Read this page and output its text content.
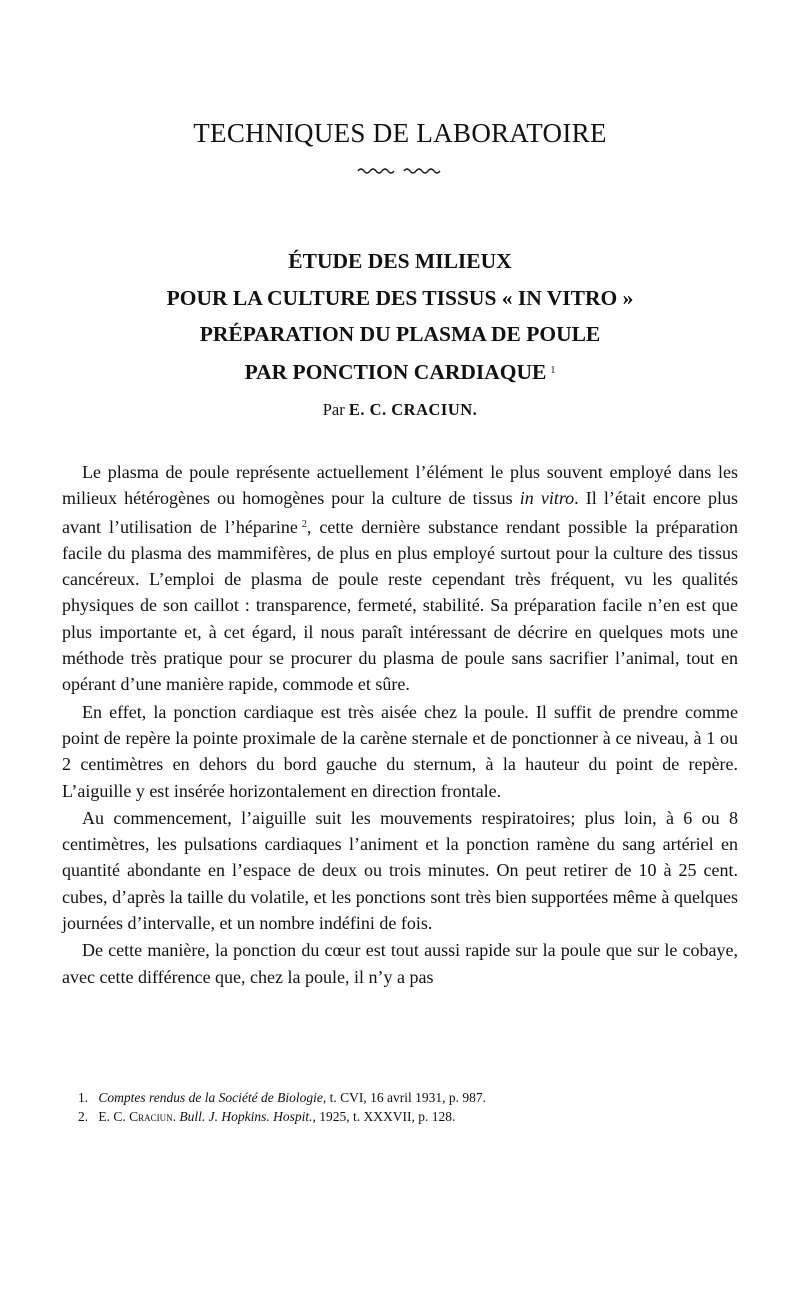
TECHNIQUES DE LABORATOIRE
ÉTUDE DES MILIEUX
POUR LA CULTURE DES TISSUS « IN VITRO »
PRÉPARATION DU PLASMA DE POULE
PAR PONCTION CARDIAQUE $^1$
Par E. C. CRACIUN.

Le plasma de poule représente actuellement l’élément le plus souvent employé dans les milieux hétérogènes ou homogènes pour la culture de tissus in vitro. Il l’était encore plus avant l’utilisation de l’héparine $^2$, cette dernière substance rendant possible la préparation facile du plasma des mammifères, de plus en plus employé surtout pour la culture des tissus cancéreux. L’emploi de plasma de poule reste cependant très fréquent, vu les qualités physiques de son caillot : transparence, fermeté, stabilité. Sa préparation facile n’en est que plus importante et, à cet égard, il nous paraît intéressant de décrire en quelques mots une méthode très pratique pour se procurer du plasma de poule sans sacrifier l’animal, tout en opérant d’une manière rapide, commode et sûre.

En effet, la ponction cardiaque est très aisée chez la poule. Il suffit de prendre comme point de repère la pointe proximale de la carène sternale et de ponctionner à ce niveau, à 1 ou 2 centimètres en dehors du bord gauche du sternum, à la hauteur du point de repère. L’aiguille y est insérée horizontalement en direction frontale.

Au commencement, l’aiguille suit les mouvements respiratoires; plus loin, à 6 ou 8 centimètres, les pulsations cardiaques l’animent et la ponction ramène du sang artériel en quantité abondante en l’espace de deux ou trois minutes. On peut retirer de 10 à 25 cent. cubes, d’après la taille du volatile, et les ponctions sont très bien supportées même à quelques journées d’intervalle, et un nombre indéfini de fois.

De cette manière, la ponction du cœur est tout aussi rapide sur la poule que sur le cobaye, avec cette différence que, chez la poule, il n’y a pas

1. Comptes rendus de la Société de Biologie, t. CVI, 16 avril 1931, p. 987.
2. E. C. Craciun. Bull. J. Hopkins. Hospit., 1925, t. XXXVII, p. 128.
